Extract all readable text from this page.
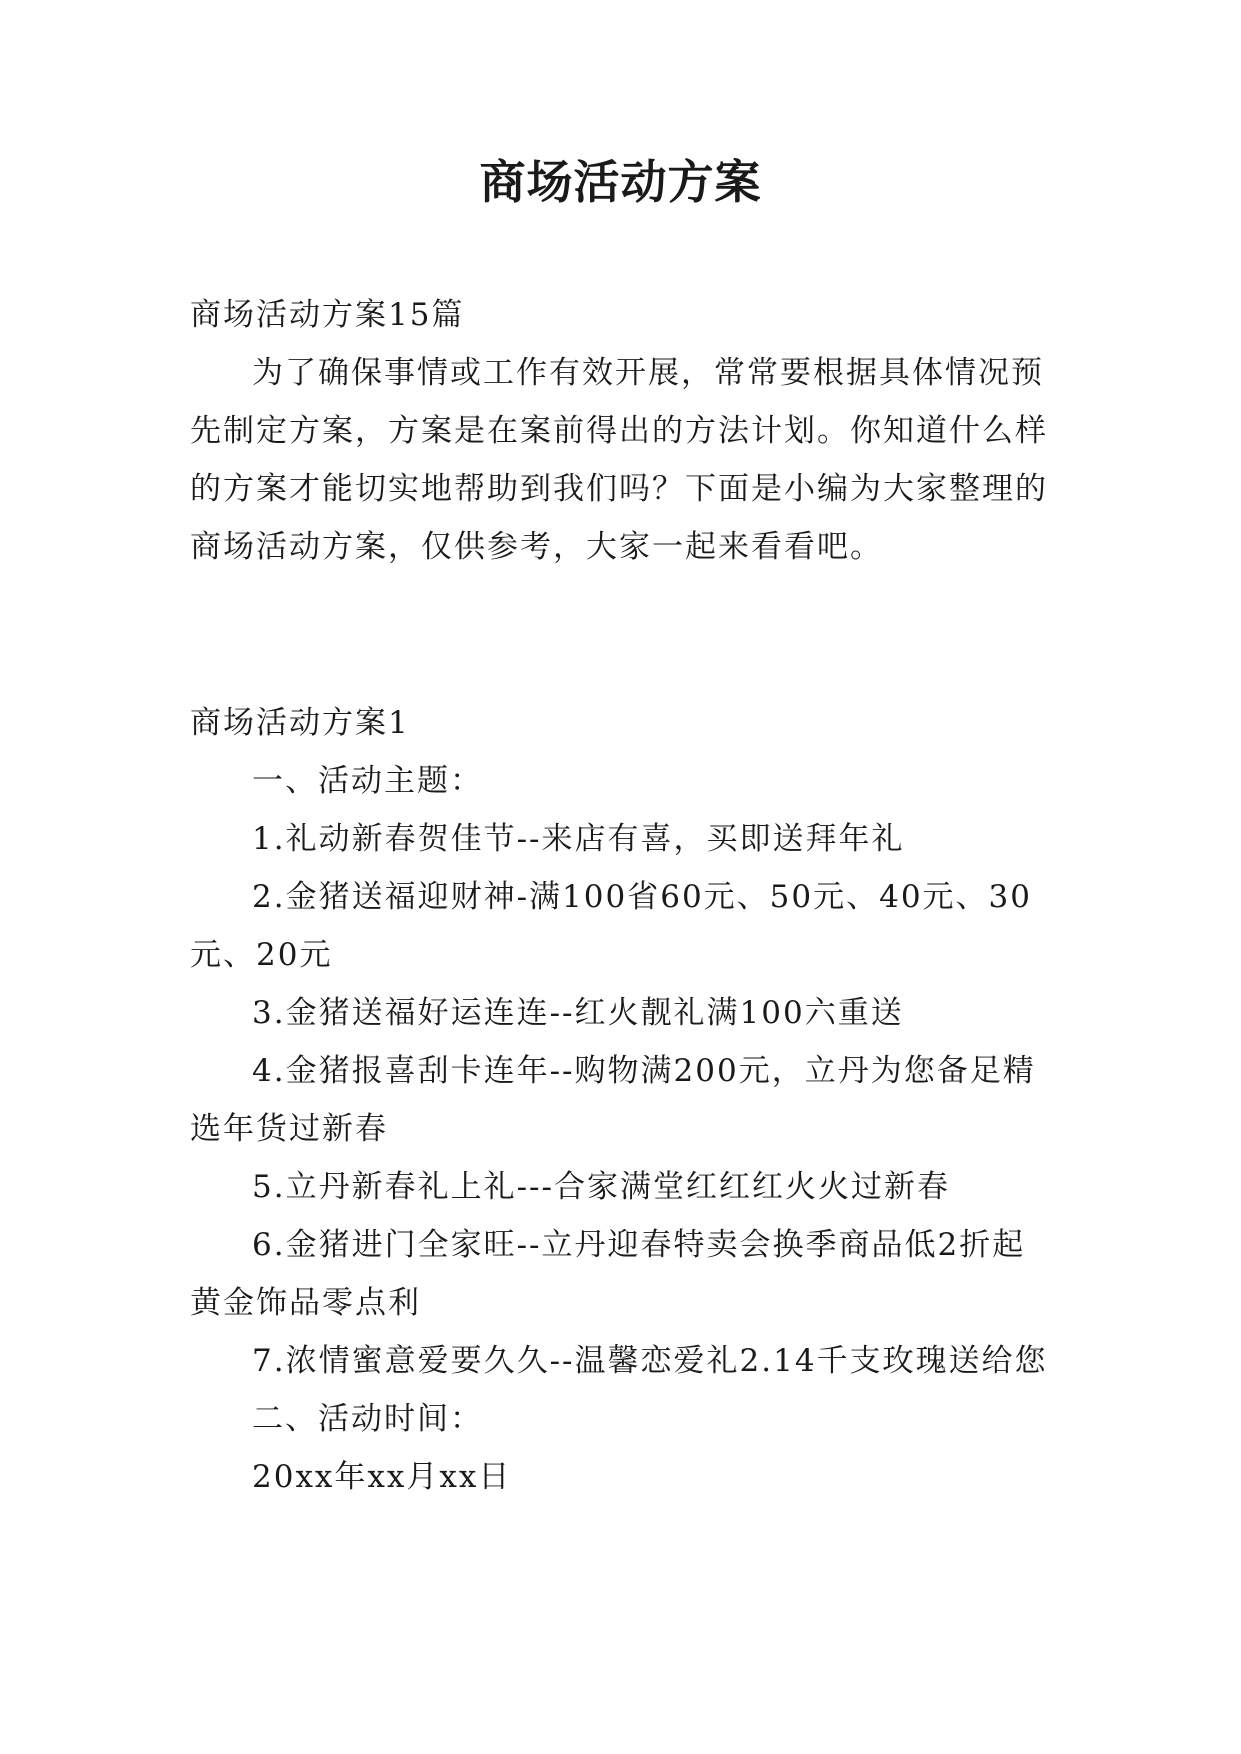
商场活动方案

商场活动方案15篇

为了确保事情或工作有效开展，常常要根据具体情况预先制定方案，方案是在案前得出的方法计划。你知道什么样的方案才能切实地帮助到我们吗？下面是小编为大家整理的商场活动方案，仅供参考，大家一起来看看吧。

商场活动方案1

一、活动主题：

1.礼动新春贺佳节--来店有喜，买即送拜年礼

2.金猪送福迎财神-满100省60元、50元、40元、30元、20元

3.金猪送福好运连连--红火靓礼满100六重送

4.金猪报喜刮卡连年--购物满200元，立丹为您备足精选年货过新春

5.立丹新春礼上礼---合家满堂红红红火火过新春

6.金猪进门全家旺--立丹迎春特卖会换季商品低2折起黄金饰品零点利

7.浓情蜜意爱要久久--温馨恋爱礼2.14千支玫瑰送给您

二、活动时间：

20xx年xx月xx日
